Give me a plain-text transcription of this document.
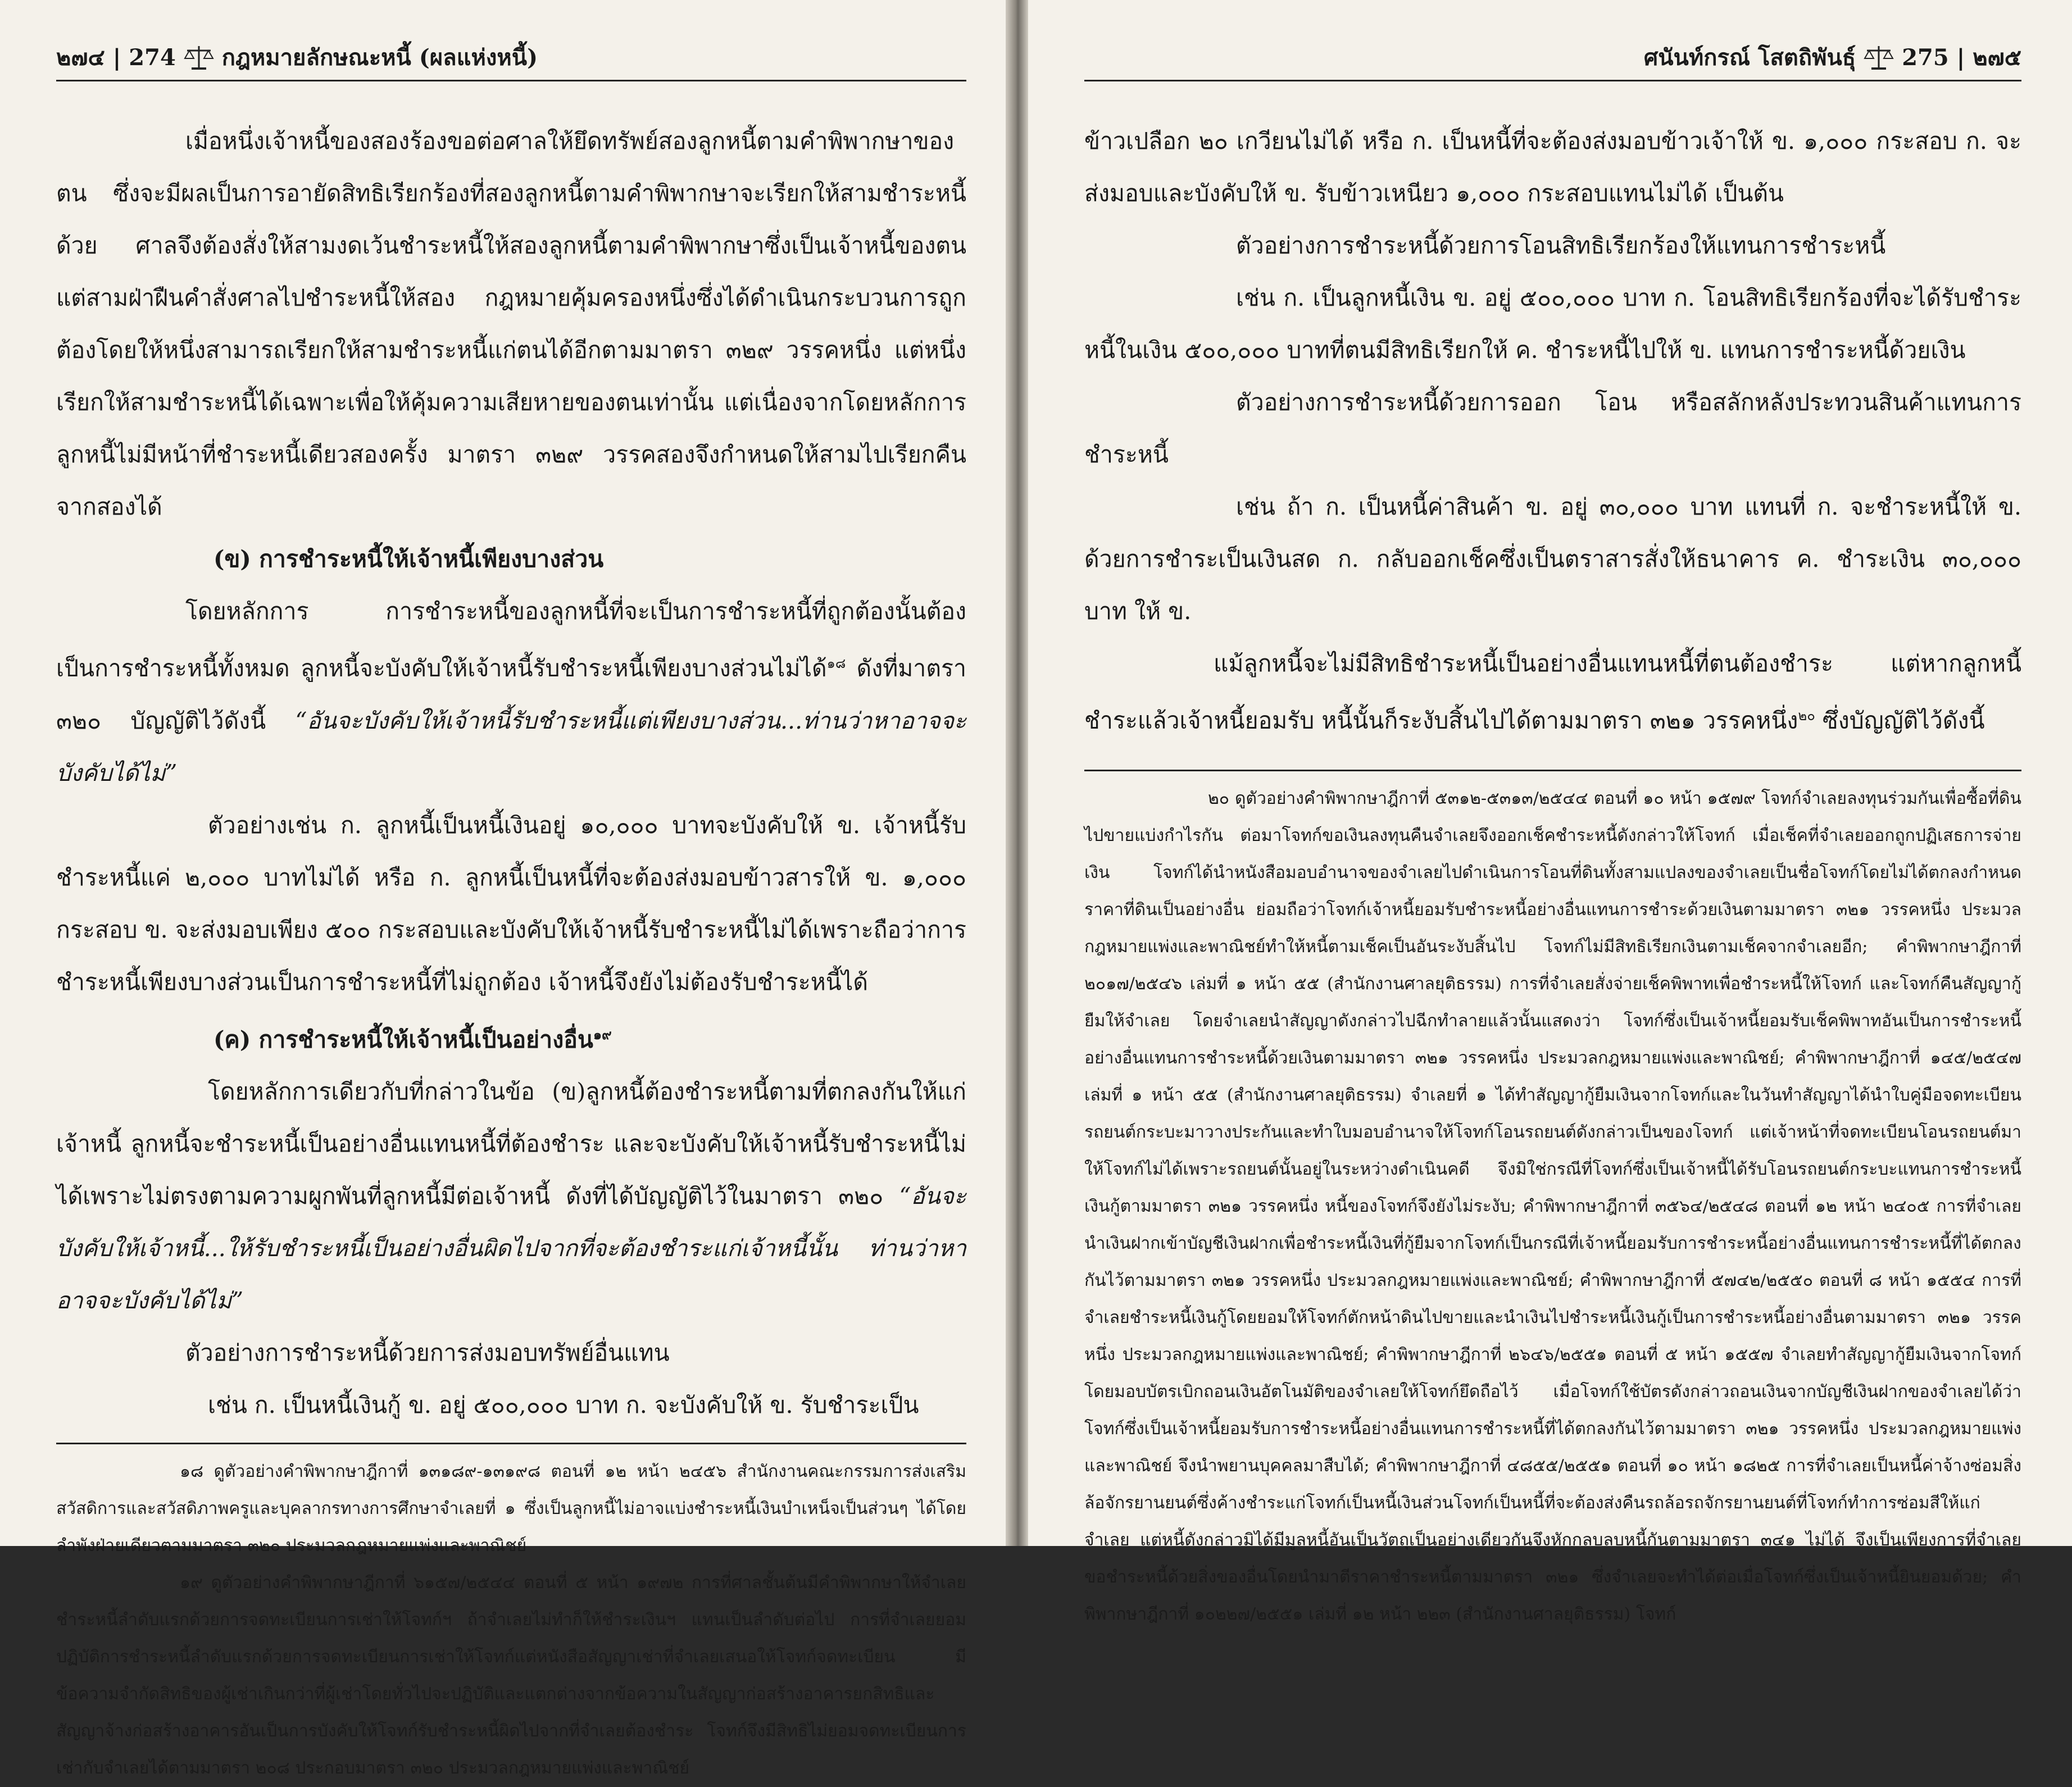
๒๗๔ | 274 กฎหมายลักษณะหนี้ (ผลแห่งหนี้)

เมื่อหนึ่งเจ้าหนี้ของสองร้องขอต่อศาลให้ยึดทรัพย์สองลูกหนี้ตามคำพิพากษาของตน ซึ่งจะมีผลเป็นการอายัดสิทธิเรียกร้องที่สองลูกหนี้ตามคำพิพากษาจะเรียกให้สามชำระหนี้ด้วย ศาลจึงต้องสั่งให้สามงดเว้นชำระหนี้ให้สองลูกหนี้ตามคำพิพากษาซึ่งเป็นเจ้าหนี้ของตน แต่สามฝ่าฝืนคำสั่งศาลไปชำระหนี้ให้สอง กฎหมายคุ้มครองหนึ่งซึ่งได้ดำเนินกระบวนการถูกต้องโดยให้หนึ่งสามารถเรียกให้สามชำระหนี้แก่ตนได้อีกตามมาตรา ๓๒๙ วรรคหนึ่ง แต่หนึ่งเรียกให้สามชำระหนี้ได้เฉพาะเพื่อให้คุ้มความเสียหายของตนเท่านั้น แต่เนื่องจากโดยหลักการลูกหนี้ไม่มีหน้าที่ชำระหนี้เดียวสองครั้ง มาตรา ๓๒๙ วรรคสองจึงกำหนดให้สามไปเรียกคืนจากสองได้

(ข) การชำระหนี้ให้เจ้าหนี้เพียงบางส่วน

โดยหลักการ การชำระหนี้ของลูกหนี้ที่จะเป็นการชำระหนี้ที่ถูกต้องนั้นต้องเป็นการชำระหนี้ทั้งหมด ลูกหนี้จะบังคับให้เจ้าหนี้รับชำระหนี้เพียงบางส่วนไม่ได้$^{๑๘}$ ดังที่มาตรา ๓๒๐ บัญญัติไว้ดังนี้ “อันจะบังคับให้เจ้าหนี้รับชำระหนี้แต่เพียงบางส่วน...ท่านว่าหาอาจจะบังคับได้ไม่”

ตัวอย่างเช่น ก. ลูกหนี้เป็นหนี้เงินอยู่ ๑๐,๐๐๐ บาทจะบังคับให้ ข. เจ้าหนี้รับชำระหนี้แค่ ๒,๐๐๐ บาทไม่ได้ หรือ ก. ลูกหนี้เป็นหนี้ที่จะต้องส่งมอบข้าวสารให้ ข. ๑,๐๐๐ กระสอบ ข. จะส่งมอบเพียง ๕๐๐ กระสอบและบังคับให้เจ้าหนี้รับชำระหนี้ไม่ได้เพราะถือว่าการชำระหนี้เพียงบางส่วนเป็นการชำระหนี้ที่ไม่ถูกต้อง เจ้าหนี้จึงยังไม่ต้องรับชำระหนี้ได้

(ค) การชำระหนี้ให้เจ้าหนี้เป็นอย่างอื่น$^{๑๙}$

โดยหลักการเดียวกับที่กล่าวในข้อ (ข)ลูกหนี้ต้องชำระหนี้ตามที่ตกลงกันให้แก่เจ้าหนี้ ลูกหนี้จะชำระหนี้เป็นอย่างอื่นแทนหนี้ที่ต้องชำระ และจะบังคับให้เจ้าหนี้รับชำระหนี้ไม่ได้เพราะไม่ตรงตามความผูกพันที่ลูกหนี้มีต่อเจ้าหนี้ ดังที่ได้บัญญัติไว้ในมาตรา ๓๒๐ “อันจะบังคับให้เจ้าหนี้...ให้รับชำระหนี้เป็นอย่างอื่นผิดไปจากที่จะต้องชำระแก่เจ้าหนี้นั้น ท่านว่าหาอาจจะบังคับได้ไม่”

ตัวอย่างการชำระหนี้ด้วยการส่งมอบทรัพย์อื่นแทน

เช่น ก. เป็นหนี้เงินกู้ ข. อยู่ ๕๐๐,๐๐๐ บาท ก. จะบังคับให้ ข. รับชำระเป็น

๑๘ ดูตัวอย่างคำพิพากษาฎีกาที่ ๑๓๑๘๙-๑๓๑๙๘ ตอนที่ ๑๒ หน้า ๒๔๕๖ สำนักงานคณะกรรมการส่งเสริมสวัสดิการและสวัสดิภาพครูและบุคลากรทางการศึกษาจำเลยที่ ๑ ซึ่งเป็นลูกหนี้ไม่อาจแบ่งชำระหนี้เงินบำเหน็จเป็นส่วนๆ ได้โดยลำพังฝ่ายเดียวตามมาตรา ๓๒๐ ประมวลกฎหมายแพ่งและพาณิชย์

๑๙ ดูตัวอย่างคำพิพากษาฎีกาที่ ๖๑๕๗/๒๕๔๔ ตอนที่ ๕ หน้า ๑๙๗๒ การที่ศาลชั้นต้นมีคำพิพากษาให้จำเลยชำระหนี้ลำดับแรกด้วยการจดทะเบียนการเช่าให้โจทก์ฯ ถ้าจำเลยไม่ทำก็ให้ชำระเงินฯ แทนเป็นลำดับต่อไป การที่จำเลยยอมปฏิบัติการชำระหนี้ลำดับแรกด้วยการจดทะเบียนการเช่าให้โจทก์แต่หนังสือสัญญาเช่าที่จำเลยเสนอให้โจทก์จดทะเบียน มีข้อความจำกัดสิทธิของผู้เช่าเกินกว่าที่ผู้เช่าโดยทั่วไปจะปฏิบัติและแตกต่างจากข้อความในสัญญาก่อสร้างอาคารยกสิทธิและสัญญาจ้างก่อสร้างอาคารอันเป็นการบังคับให้โจทก์รับชำระหนี้ผิดไปจากที่จำเลยต้องชำระ โจทก์จึงมีสิทธิไม่ยอมจดทะเบียนการเช่ากับจำเลยได้ตามมาตรา ๒๐๘ ประกอบมาตรา ๓๒๐ ประมวลกฎหมายแพ่งและพาณิชย์

ศนันท์กรณ์ โสตถิพันธุ์ 275 | ๒๗๕

ข้าวเปลือก ๒๐ เกวียนไม่ได้ หรือ ก. เป็นหนี้ที่จะต้องส่งมอบข้าวเจ้าให้ ข. ๑,๐๐๐ กระสอบ ก. จะส่งมอบและบังคับให้ ข. รับข้าวเหนียว ๑,๐๐๐ กระสอบแทนไม่ได้ เป็นต้น

ตัวอย่างการชำระหนี้ด้วยการโอนสิทธิเรียกร้องให้แทนการชำระหนี้

เช่น ก. เป็นลูกหนี้เงิน ข. อยู่ ๕๐๐,๐๐๐ บาท ก. โอนสิทธิเรียกร้องที่จะได้รับชำระหนี้ในเงิน ๕๐๐,๐๐๐ บาทที่ตนมีสิทธิเรียกให้ ค. ชำระหนี้ไปให้ ข. แทนการชำระหนี้ด้วยเงิน

ตัวอย่างการชำระหนี้ด้วยการออก โอน หรือสลักหลังประทวนสินค้าแทนการชำระหนี้

เช่น ถ้า ก. เป็นหนี้ค่าสินค้า ข. อยู่ ๓๐,๐๐๐ บาท แทนที่ ก. จะชำระหนี้ให้ ข. ด้วยการชำระเป็นเงินสด ก. กลับออกเช็คซึ่งเป็นตราสารสั่งให้ธนาคาร ค. ชำระเงิน ๓๐,๐๐๐ บาท ให้ ข.

แม้ลูกหนี้จะไม่มีสิทธิชำระหนี้เป็นอย่างอื่นแทนหนี้ที่ตนต้องชำระ แต่หากลูกหนี้ชำระแล้วเจ้าหนี้ยอมรับ หนี้นั้นก็ระงับสิ้นไปได้ตามมาตรา ๓๒๑ วรรคหนึ่ง$^{๒๐}$ ซึ่งบัญญัติไว้ดังนี้

๒๐ ดูตัวอย่างคำพิพากษาฎีกาที่ ๕๓๑๒-๕๓๑๓/๒๕๔๔ ตอนที่ ๑๐ หน้า ๑๕๗๙ โจทก์จำเลยลงทุนร่วมกันเพื่อซื้อที่ดินไปขายแบ่งกำไรกัน ต่อมาโจทก์ขอเงินลงทุนคืนจำเลยจึงออกเช็คชำระหนี้ดังกล่าวให้โจทก์ เมื่อเช็คที่จำเลยออกถูกปฏิเสธการจ่ายเงิน โจทก์ได้นำหนังสือมอบอำนาจของจำเลยไปดำเนินการโอนที่ดินทั้งสามแปลงของจำเลยเป็นชื่อโจทก์โดยไม่ได้ตกลงกำหนดราคาที่ดินเป็นอย่างอื่น ย่อมถือว่าโจทก์เจ้าหนี้ยอมรับชำระหนี้อย่างอื่นแทนการชำระด้วยเงินตามมาตรา ๓๒๑ วรรคหนึ่ง ประมวลกฎหมายแพ่งและพาณิชย์ทำให้หนี้ตามเช็คเป็นอันระงับสิ้นไป โจทก์ไม่มีสิทธิเรียกเงินตามเช็คจากจำเลยอีก; คำพิพากษาฎีกาที่ ๒๐๑๗/๒๕๔๖ เล่มที่ ๑ หน้า ๕๕ (สำนักงานศาลยุติธรรม) การที่จำเลยสั่งจ่ายเช็คพิพาทเพื่อชำระหนี้ให้โจทก์ และโจทก์คืนสัญญากู้ยืมให้จำเลย โดยจำเลยนำสัญญาดังกล่าวไปฉีกทำลายแล้วนั้นแสดงว่า โจทก์ซึ่งเป็นเจ้าหนี้ยอมรับเช็คพิพาทอันเป็นการชำระหนี้อย่างอื่นแทนการชำระหนี้ด้วยเงินตามมาตรา ๓๒๑ วรรคหนึ่ง ประมวลกฎหมายแพ่งและพาณิชย์; คำพิพากษาฎีกาที่ ๑๔๕/๒๕๔๗ เล่มที่ ๑ หน้า ๕๕ (สำนักงานศาลยุติธรรม) จำเลยที่ ๑ ได้ทำสัญญากู้ยืมเงินจากโจทก์และในวันทำสัญญาได้นำใบคู่มือจดทะเบียนรถยนต์กระบะมาวางประกันและทำใบมอบอำนาจให้โจทก์โอนรถยนต์ดังกล่าวเป็นของโจทก์ แต่เจ้าหน้าที่จดทะเบียนโอนรถยนต์มาให้โจทก์ไม่ได้เพราะรถยนต์นั้นอยู่ในระหว่างดำเนินคดี จึงมิใช่กรณีที่โจทก์ซึ่งเป็นเจ้าหนี้ได้รับโอนรถยนต์กระบะแทนการชำระหนี้เงินกู้ตามมาตรา ๓๒๑ วรรคหนึ่ง หนี้ของโจทก์จึงยังไม่ระงับ; คำพิพากษาฎีกาที่ ๓๕๖๔/๒๕๔๘ ตอนที่ ๑๒ หน้า ๒๔๐๕ การที่จำเลยนำเงินฝากเข้าบัญชีเงินฝากเพื่อชำระหนี้เงินที่กู้ยืมจากโจทก์เป็นกรณีที่เจ้าหนี้ยอมรับการชำระหนี้อย่างอื่นแทนการชำระหนี้ที่ได้ตกลงกันไว้ตามมาตรา ๓๒๑ วรรคหนึ่ง ประมวลกฎหมายแพ่งและพาณิชย์; คำพิพากษาฎีกาที่ ๕๗๔๒/๒๕๕๐ ตอนที่ ๘ หน้า ๑๕๕๔ การที่จำเลยชำระหนี้เงินกู้โดยยอมให้โจทก์ตักหน้าดินไปขายและนำเงินไปชำระหนี้เงินกู้เป็นการชำระหนี้อย่างอื่นตามมาตรา ๓๒๑ วรรคหนึ่ง ประมวลกฎหมายแพ่งและพาณิชย์; คำพิพากษาฎีกาที่ ๒๖๔๖/๒๕๕๑ ตอนที่ ๕ หน้า ๑๕๕๗ จำเลยทำสัญญากู้ยืมเงินจากโจทก์โดยมอบบัตรเบิกถอนเงินอัตโนมัติของจำเลยให้โจทก์ยึดถือไว้ เมื่อโจทก์ใช้บัตรดังกล่าวถอนเงินจากบัญชีเงินฝากของจำเลยได้ว่าโจทก์ซึ่งเป็นเจ้าหนี้ยอมรับการชำระหนี้อย่างอื่นแทนการชำระหนี้ที่ได้ตกลงกันไว้ตามมาตรา ๓๒๑ วรรคหนึ่ง ประมวลกฎหมายแพ่งและพาณิชย์ จึงนำพยานบุคคลมาสืบได้; คำพิพากษาฎีกาที่ ๔๘๕๕/๒๕๕๑ ตอนที่ ๑๐ หน้า ๑๘๒๕ การที่จำเลยเป็นหนี้ค่าจ้างซ่อมสิ่งล้อจักรยานยนต์ซึ่งค้างชำระแก่โจทก์เป็นหนี้เงินส่วนโจทก์เป็นหนี้ที่จะต้องส่งคืนรถล้อรถจักรยานยนต์ที่โจทก์ทำการซ่อมสีให้แก่จำเลย แต่หนี้ดังกล่าวมิได้มีมูลหนี้อันเป็นวัตถุเป็นอย่างเดียวกันจึงหักกลบลบหนี้กันตามมาตรา ๓๔๑ ไม่ได้ จึงเป็นเพียงการที่จำเลยขอชำระหนี้ด้วยสิ่งของอื่นโดยนำมาตีราคาชำระหนี้ตามมาตรา ๓๒๑ ซึ่งจำเลยจะทำได้ต่อเมื่อโจทก์ซึ่งเป็นเจ้าหนี้ยินยอมด้วย; คำพิพากษาฎีกาที่ ๑๐๒๒๗/๒๕๕๑ เล่มที่ ๑๒ หน้า ๒๒๓ (สำนักงานศาลยุติธรรม) โจทก์
